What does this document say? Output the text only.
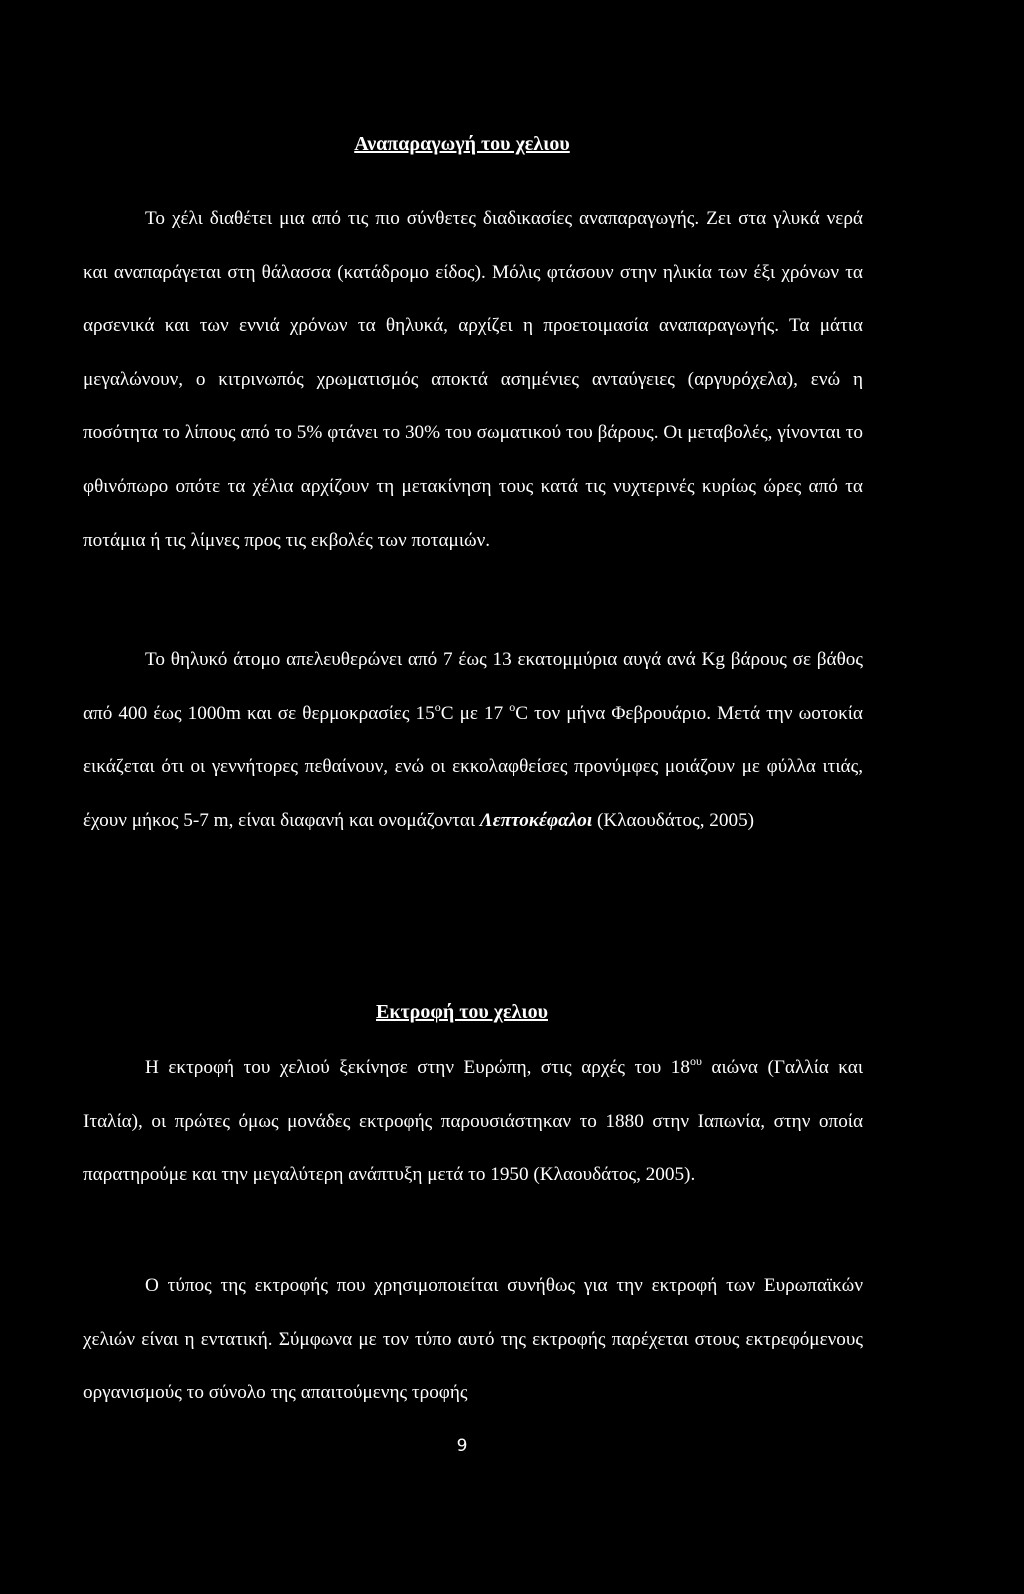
Αναπαραγωγή του χελιου

Το χέλι διαθέτει μια από τις πιο σύνθετες διαδικασίες αναπαραγωγής. Ζει στα γλυκά νερά και αναπαράγεται στη θάλασσα (κατάδρομο είδος). Μόλις φτάσουν στην ηλικία των έξι χρόνων τα αρσενικά και των εννιά χρόνων τα θηλυκά, αρχίζει η προετοιμασία αναπαραγωγής. Τα μάτια μεγαλώνουν, ο κιτρινωπός χρωματισμός αποκτά ασημένιες ανταύγειες (αργυρόχελα), ενώ η ποσότητα το λίπους από το 5% φτάνει το 30% του σωματικού του βάρους. Οι μεταβολές, γίνονται το φθινόπωρο οπότε τα χέλια αρχίζουν τη μετακίνηση τους κατά τις νυχτερινές κυρίως ώρες από τα ποτάμια ή τις λίμνες προς τις εκβολές των ποταμιών.

Το θηλυκό άτομο απελευθερώνει από 7 έως 13 εκατομμύρια αυγά ανά Kg βάρους σε βάθος από 400 έως 1000m και σε θερμοκρασίες $15^oC$ με 17 $^o$C τον μήνα Φεβρουάριο. Μετά την ωοτοκία εικάζεται ότι οι γεννήτορες πεθαίνουν, ενώ οι εκκολαφθείσες προνύμφες μοιάζουν με φύλλα ιτιάς, έχουν μήκος 5-7 m, είναι διαφανή και ονομάζονται Λεπτοκέφαλοι (Κλαουδάτος, 2005)

Εκτροφή του χελιου

Η εκτροφή του χελιού ξεκίνησε στην Ευρώπη, στις αρχές του $18^{o\upsilon}$ αιώνα (Γαλλία και Ιταλία), οι πρώτες όμως μονάδες εκτροφής παρουσιάστηκαν το 1880 στην Ιαπωνία, στην οποία παρατηρούμε και την μεγαλύτερη ανάπτυξη μετά το 1950 (Κλαουδάτος, 2005).

Ο τύπος της εκτροφής που χρησιμοποιείται συνήθως για την εκτροφή των Ευρωπαϊκών χελιών είναι η εντατική. Σύμφωνα με τον τύπο αυτό της εκτροφής παρέχεται στους εκτρεφόμενους οργανισμούς το σύνολο της απαιτούμενης τροφής

9
